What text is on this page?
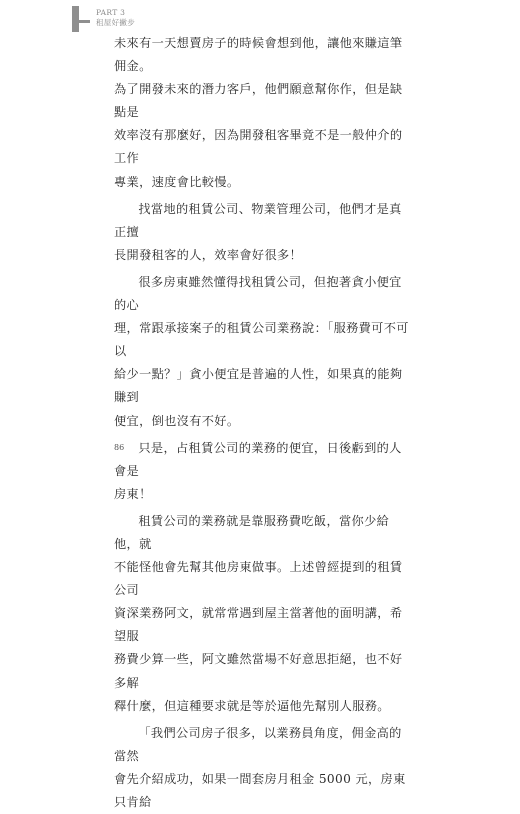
PART 3
租屋好撇步

未來有一天想賣房子的時候會想到他，讓他來賺這筆佣金。
為了開發未來的潛力客戶，他們願意幫你作，但是缺點是
效率沒有那麼好，因為開發租客畢竟不是一般仲介的工作
專業，速度會比較慢。

找當地的租賃公司、物業管理公司，他們才是真正擅
長開發租客的人，效率會好很多！

很多房東雖然懂得找租賃公司，但抱著貪小便宜的心
理，常跟承接案子的租賃公司業務說：「服務費可不可以
給少一點？」貪小便宜是普遍的人性，如果真的能夠賺到
便宜，倒也沒有不好。

只是，占租賃公司的業務的便宜，日後虧到的人會是
房東！

租賃公司的業務就是靠服務費吃飯，當你少給他，就
不能怪他會先幫其他房東做事。上述曾經提到的租賃公司
資深業務阿文，就常常遇到屋主當著他的面明講，希望服
務費少算一些，阿文雖然當場不好意思拒絕，也不好多解
釋什麼，但這種要求就是等於逼他先幫別人服務。

「我們公司房子很多，以業務員角度，佣金高的當然
會先介紹成功，如果一間套房月租金 5000 元，房東只肯給

86
